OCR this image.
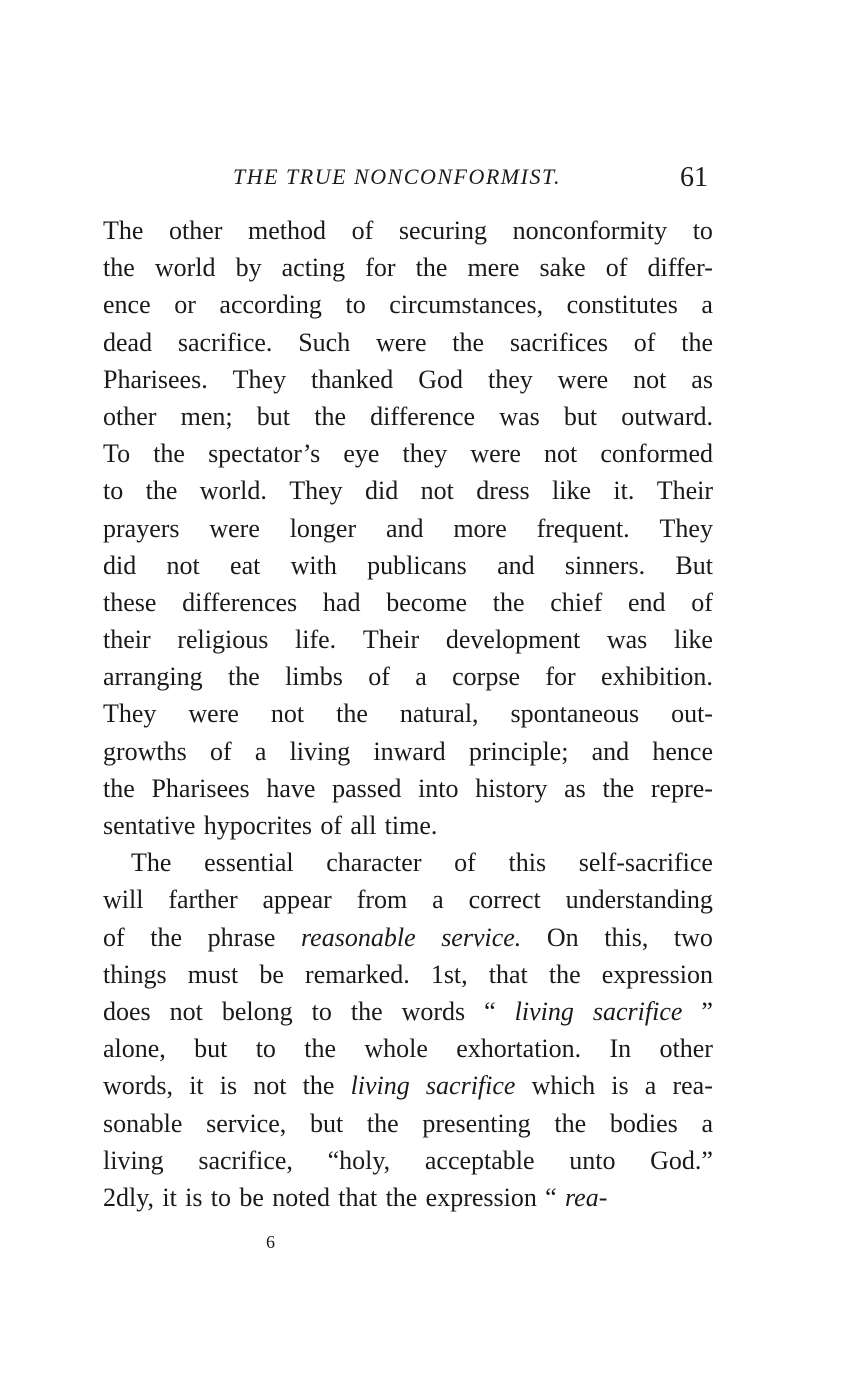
THE TRUE NONCONFORMIST.	61
The other method of securing nonconformity to
the world by acting for the mere sake of differ-
ence or according to circumstances, constitutes a
dead sacrifice. Such were the sacrifices of the
Pharisees. They thanked God they were not as
other men; but the difference was but outward.
To the spectator’s eye they were not conformed
to the world. They did not dress like it. Their
prayers were longer and more frequent. They
did not eat with publicans and sinners. But
these differences had become the chief end of
their religious life. Their development was like
arranging the limbs of a corpse for exhibition.
They were not the natural, spontaneous out-
growths of a living inward principle; and hence
the Pharisees have passed into history as the repre-
sentative hypocrites of all time.
The essential character of this self-sacrifice
will farther appear from a correct understanding
of the phrase reasonable service. On this, two
things must be remarked. 1st, that the expression
does not belong to the words “ living sacrifice ”
alone, but to the whole exhortation. In other
words, it is not the living sacrifice which is a rea-
sonable service, but the presenting the bodies a
living sacrifice, “holy, acceptable unto God.”
2dly, it is to be noted that the expression “ rea-
6
